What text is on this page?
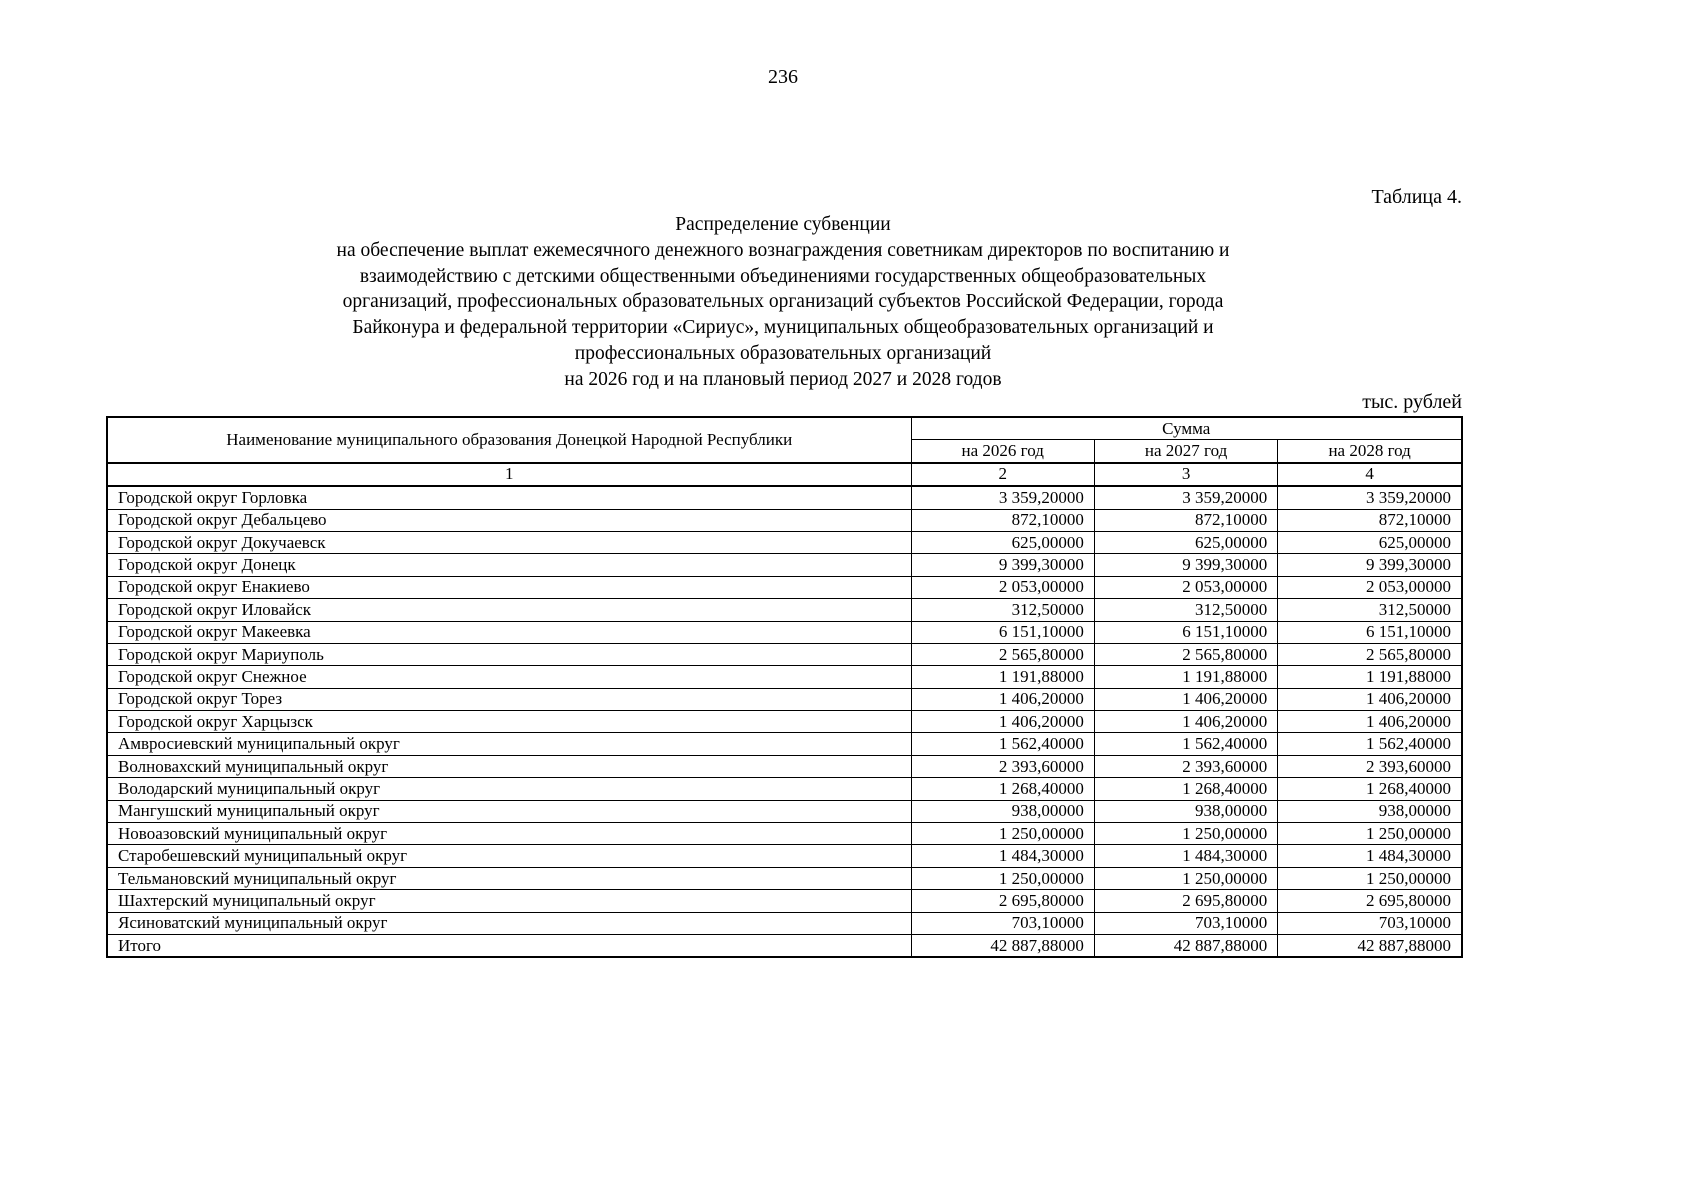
236
Таблица 4.
Распределение субвенции
на обеспечение выплат ежемесячного денежного вознаграждения советникам директоров по воспитанию и
взаимодействию с детскими общественными объединениями государственных общеобразовательных
организаций, профессиональных образовательных организаций субъектов Российской Федерации, города
Байконура и федеральной территории «Сириус», муниципальных общеобразовательных организаций и
профессиональных образовательных организаций
на 2026 год и на плановый период 2027 и 2028 годов
тыс. рублей
Наименование муниципального образования Донецкой Народной Республики	Сумма		
	на 2026 год	на 2027 год	на 2028 год
1	2	3	4
Городской округ Горловка	3 359,20000	3 359,20000	3 359,20000
Городской округ Дебальцево	872,10000	872,10000	872,10000
Городской округ Докучаевск	625,00000	625,00000	625,00000
Городской округ Донецк	9 399,30000	9 399,30000	9 399,30000
Городской округ Енакиево	2 053,00000	2 053,00000	2 053,00000
Городской округ Иловайск	312,50000	312,50000	312,50000
Городской округ Макеевка	6 151,10000	6 151,10000	6 151,10000
Городской округ Мариуполь	2 565,80000	2 565,80000	2 565,80000
Городской округ Снежное	1 191,88000	1 191,88000	1 191,88000
Городской округ Торез	1 406,20000	1 406,20000	1 406,20000
Городской округ Харцызск	1 406,20000	1 406,20000	1 406,20000
Амвросиевский муниципальный округ	1 562,40000	1 562,40000	1 562,40000
Волновахский муниципальный округ	2 393,60000	2 393,60000	2 393,60000
Володарский муниципальный округ	1 268,40000	1 268,40000	1 268,40000
Мангушский муниципальный округ	938,00000	938,00000	938,00000
Новоазовский муниципальный округ	1 250,00000	1 250,00000	1 250,00000
Старобешевский муниципальный округ	1 484,30000	1 484,30000	1 484,30000
Тельмановский муниципальный округ	1 250,00000	1 250,00000	1 250,00000
Шахтерский муниципальный округ	2 695,80000	2 695,80000	2 695,80000
Ясиноватский муниципальный округ	703,10000	703,10000	703,10000
Итого	42 887,88000	42 887,88000	42 887,88000
